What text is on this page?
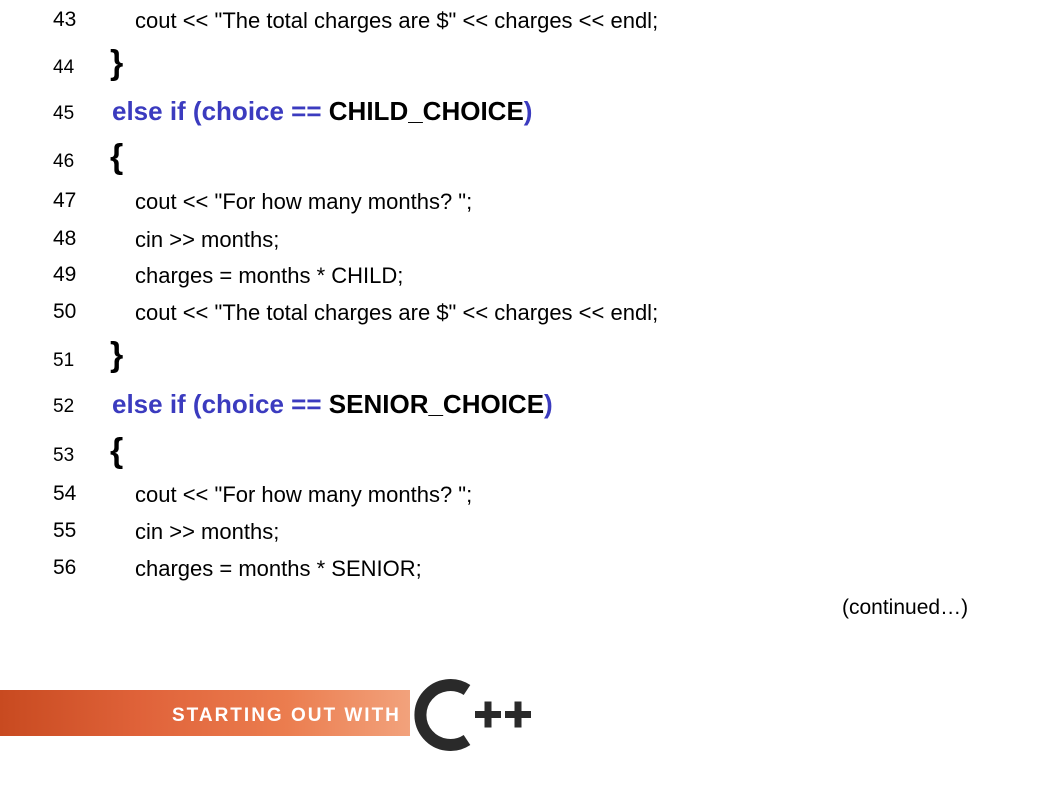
43

	cout << "The total charges are $" << charges << endl;

44

}

45

else if (choice == CHILD_CHOICE)

46

{

47

	cout << "For how many months? ";

48

	cin >> months;

49

	charges = months * CHILD;

50

	cout << "The total charges are $" << charges << endl;

51

}

52

else if (choice == SENIOR_CHOICE)

53

{

54

	cout << "For how many months? ";

55

	cin >> months;

56

	charges = months * SENIOR;

(continued…)
STARTING OUT WITH
